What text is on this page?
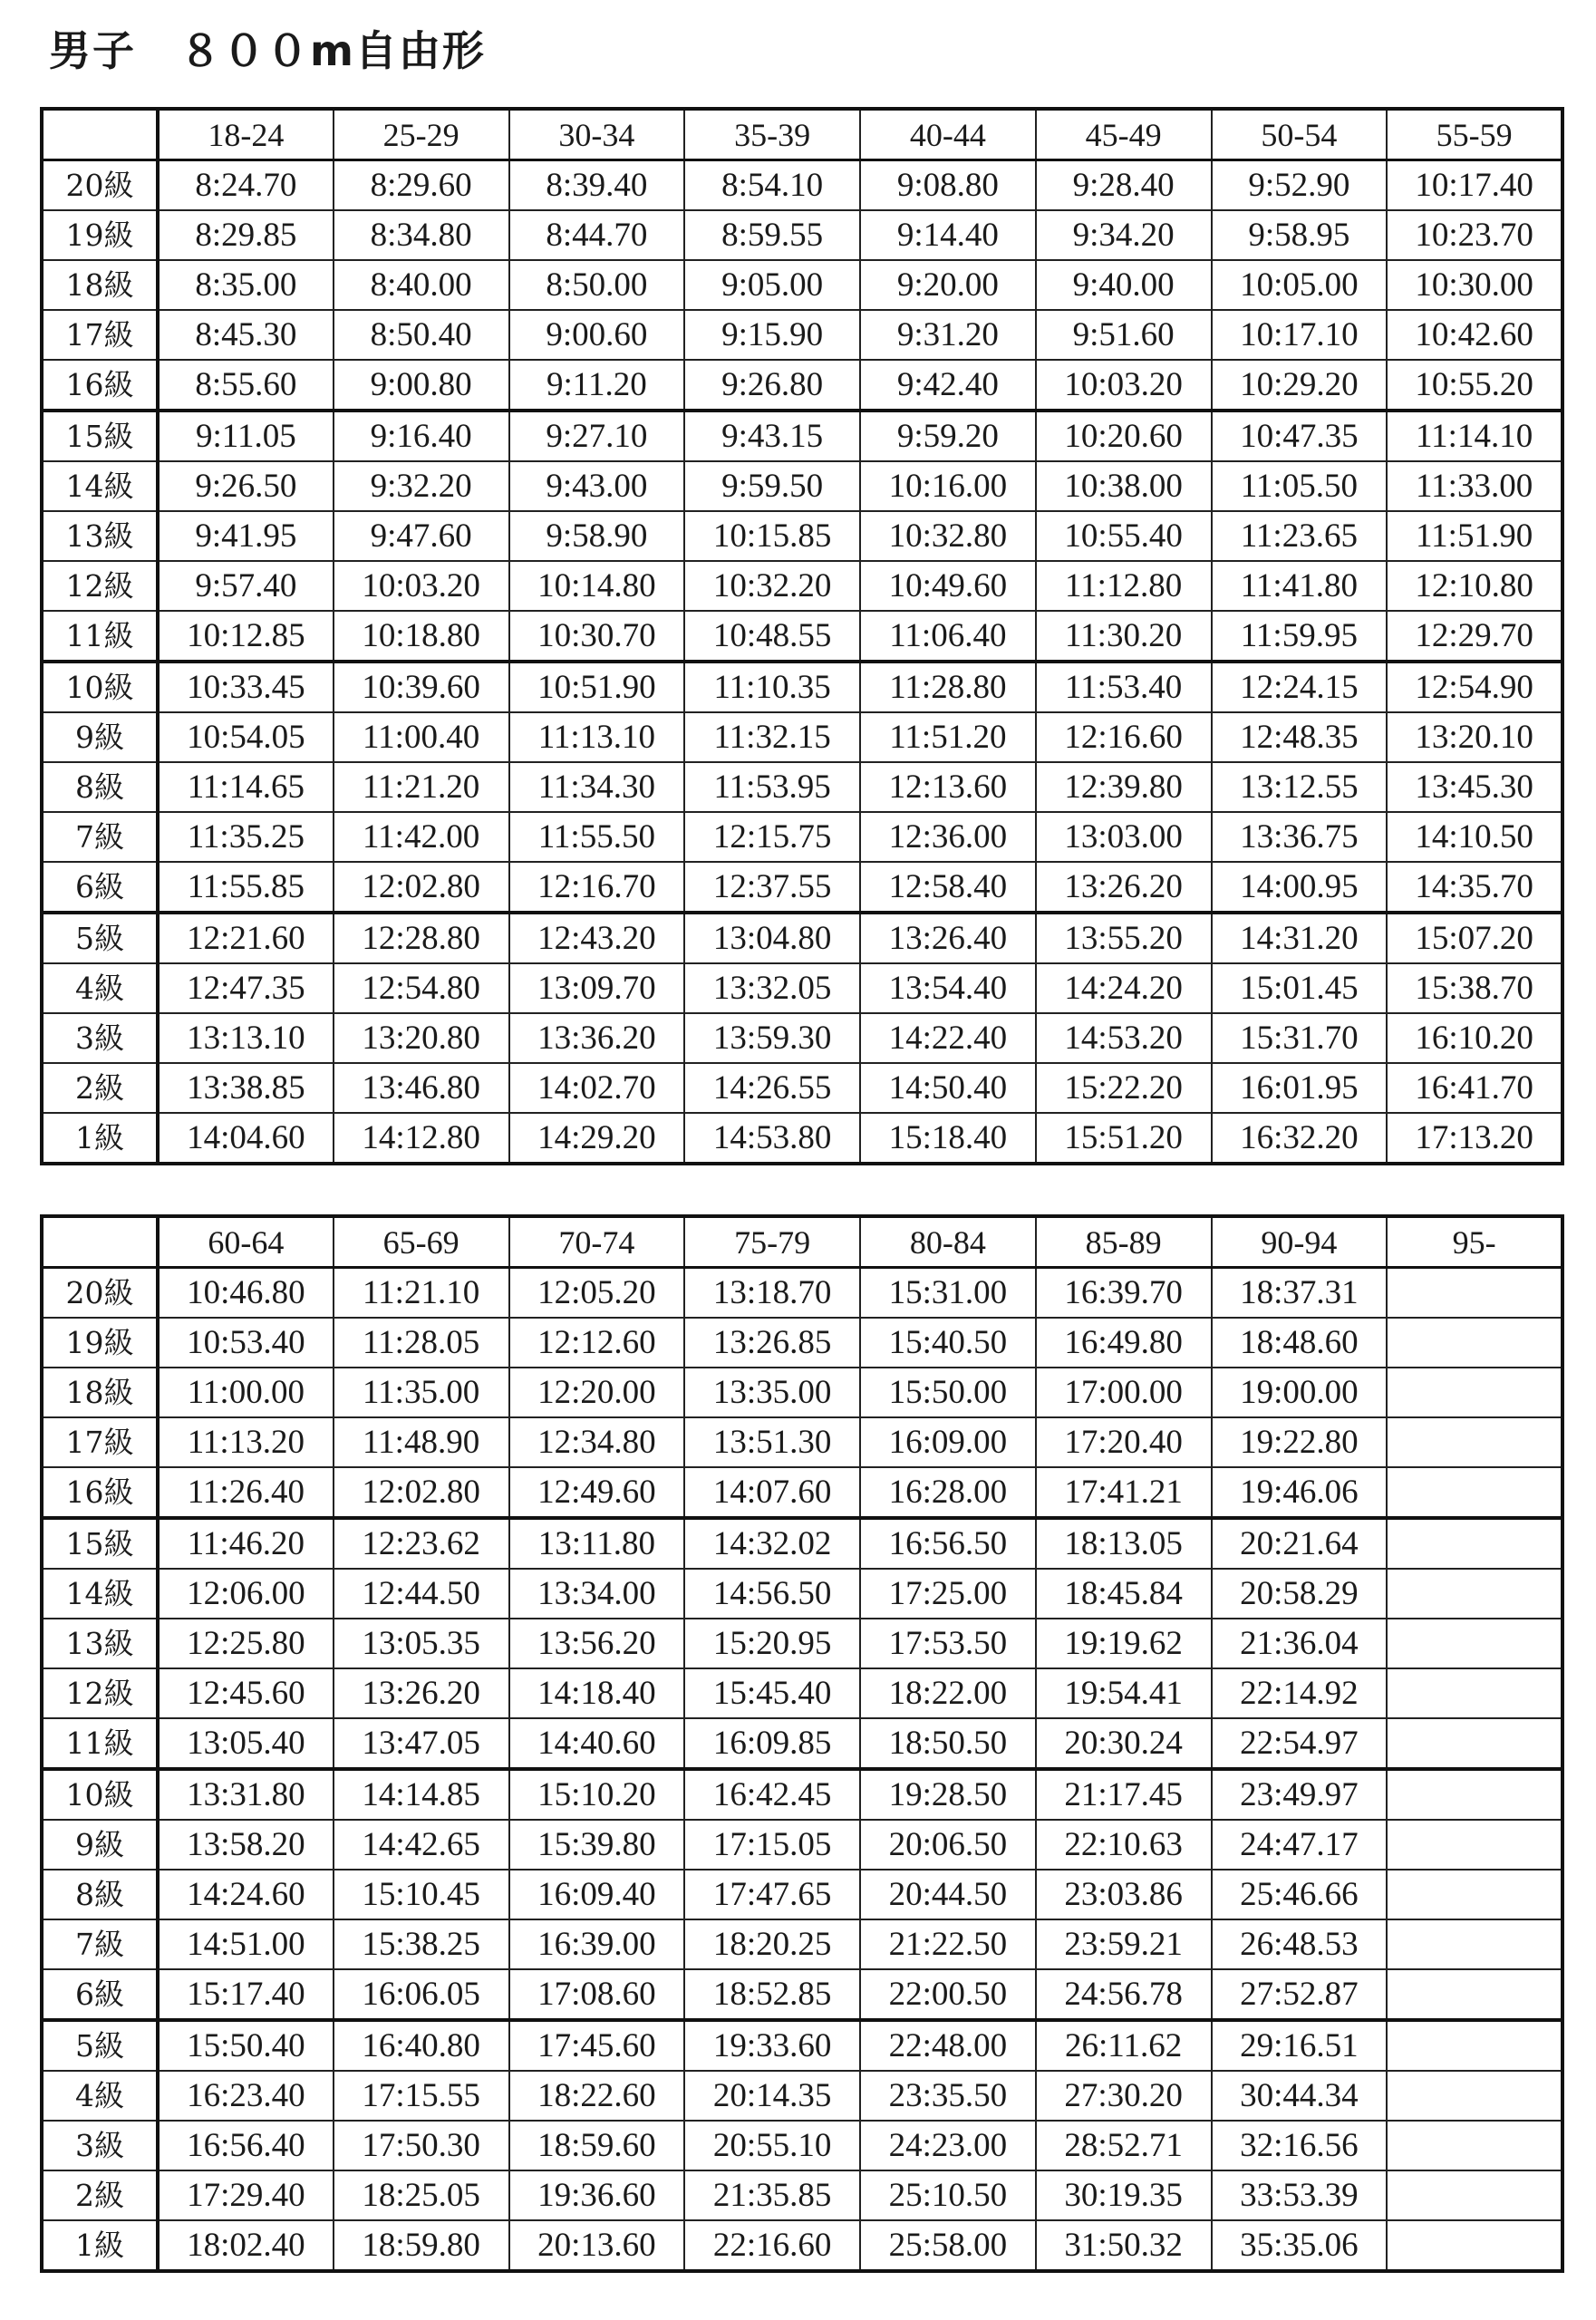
男子　８００m自由形
	18-24	25-29	30-34	35-39	40-44	45-49	50-54	55-59
20級	8:24.70	8:29.60	8:39.40	8:54.10	9:08.80	9:28.40	9:52.90	10:17.40
19級	8:29.85	8:34.80	8:44.70	8:59.55	9:14.40	9:34.20	9:58.95	10:23.70
18級	8:35.00	8:40.00	8:50.00	9:05.00	9:20.00	9:40.00	10:05.00	10:30.00
17級	8:45.30	8:50.40	9:00.60	9:15.90	9:31.20	9:51.60	10:17.10	10:42.60
16級	8:55.60	9:00.80	9:11.20	9:26.80	9:42.40	10:03.20	10:29.20	10:55.20
15級	9:11.05	9:16.40	9:27.10	9:43.15	9:59.20	10:20.60	10:47.35	11:14.10
14級	9:26.50	9:32.20	9:43.00	9:59.50	10:16.00	10:38.00	11:05.50	11:33.00
13級	9:41.95	9:47.60	9:58.90	10:15.85	10:32.80	10:55.40	11:23.65	11:51.90
12級	9:57.40	10:03.20	10:14.80	10:32.20	10:49.60	11:12.80	11:41.80	12:10.80
11級	10:12.85	10:18.80	10:30.70	10:48.55	11:06.40	11:30.20	11:59.95	12:29.70
10級	10:33.45	10:39.60	10:51.90	11:10.35	11:28.80	11:53.40	12:24.15	12:54.90
9級	10:54.05	11:00.40	11:13.10	11:32.15	11:51.20	12:16.60	12:48.35	13:20.10
8級	11:14.65	11:21.20	11:34.30	11:53.95	12:13.60	12:39.80	13:12.55	13:45.30
7級	11:35.25	11:42.00	11:55.50	12:15.75	12:36.00	13:03.00	13:36.75	14:10.50
6級	11:55.85	12:02.80	12:16.70	12:37.55	12:58.40	13:26.20	14:00.95	14:35.70
5級	12:21.60	12:28.80	12:43.20	13:04.80	13:26.40	13:55.20	14:31.20	15:07.20
4級	12:47.35	12:54.80	13:09.70	13:32.05	13:54.40	14:24.20	15:01.45	15:38.70
3級	13:13.10	13:20.80	13:36.20	13:59.30	14:22.40	14:53.20	15:31.70	16:10.20
2級	13:38.85	13:46.80	14:02.70	14:26.55	14:50.40	15:22.20	16:01.95	16:41.70
1級	14:04.60	14:12.80	14:29.20	14:53.80	15:18.40	15:51.20	16:32.20	17:13.20
	60-64	65-69	70-74	75-79	80-84	85-89	90-94	95-
20級	10:46.80	11:21.10	12:05.20	13:18.70	15:31.00	16:39.70	18:37.31	
19級	10:53.40	11:28.05	12:12.60	13:26.85	15:40.50	16:49.80	18:48.60	
18級	11:00.00	11:35.00	12:20.00	13:35.00	15:50.00	17:00.00	19:00.00	
17級	11:13.20	11:48.90	12:34.80	13:51.30	16:09.00	17:20.40	19:22.80	
16級	11:26.40	12:02.80	12:49.60	14:07.60	16:28.00	17:41.21	19:46.06	
15級	11:46.20	12:23.62	13:11.80	14:32.02	16:56.50	18:13.05	20:21.64	
14級	12:06.00	12:44.50	13:34.00	14:56.50	17:25.00	18:45.84	20:58.29	
13級	12:25.80	13:05.35	13:56.20	15:20.95	17:53.50	19:19.62	21:36.04	
12級	12:45.60	13:26.20	14:18.40	15:45.40	18:22.00	19:54.41	22:14.92	
11級	13:05.40	13:47.05	14:40.60	16:09.85	18:50.50	20:30.24	22:54.97	
10級	13:31.80	14:14.85	15:10.20	16:42.45	19:28.50	21:17.45	23:49.97	
9級	13:58.20	14:42.65	15:39.80	17:15.05	20:06.50	22:10.63	24:47.17	
8級	14:24.60	15:10.45	16:09.40	17:47.65	20:44.50	23:03.86	25:46.66	
7級	14:51.00	15:38.25	16:39.00	18:20.25	21:22.50	23:59.21	26:48.53	
6級	15:17.40	16:06.05	17:08.60	18:52.85	22:00.50	24:56.78	27:52.87	
5級	15:50.40	16:40.80	17:45.60	19:33.60	22:48.00	26:11.62	29:16.51	
4級	16:23.40	17:15.55	18:22.60	20:14.35	23:35.50	27:30.20	30:44.34	
3級	16:56.40	17:50.30	18:59.60	20:55.10	24:23.00	28:52.71	32:16.56	
2級	17:29.40	18:25.05	19:36.60	21:35.85	25:10.50	30:19.35	33:53.39	
1級	18:02.40	18:59.80	20:13.60	22:16.60	25:58.00	31:50.32	35:35.06	
